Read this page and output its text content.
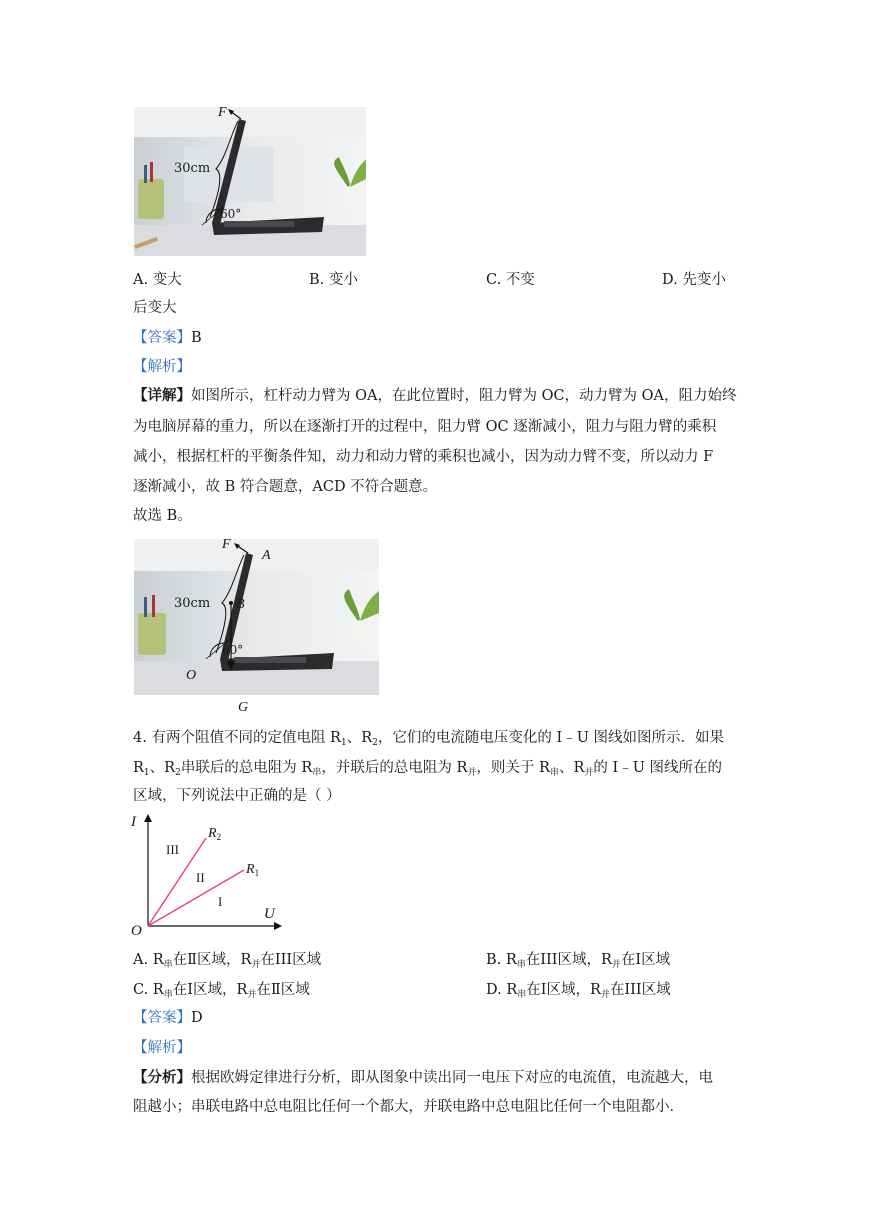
F
30cm
60°
A. 变大	B. 变小	C. 不变	D. 先变小
后变大
【答案】B
【解析】
【详解】如图所示，杠杆动力臂为 OA，在此位置时，阻力臂为 OC，动力臂为 OA，阻力始终
为电脑屏幕的重力，所以在逐渐打开的过程中，阻力臂 OC 逐渐减小，阻力与阻力臂的乘积
减小，根据杠杆的平衡条件知，动力和动力臂的乘积也减小，因为动力臂不变，所以动力 F
逐渐减小，故 B 符合题意，ACD 不符合题意。
故选 B。
F
A
B
30cm
60°
O
G
4. 有两个阻值不同的定值电阻 $R_1$、$R_2$，它们的电流随电压变化的 I﹣U 图线如图所示．如果
$R_1$、$R_2$串联后的总电阻为 $R_串$，并联后的总电阻为 $R_并$，则关于 $R_串$、$R_并$的 I﹣U 图线所在的
区域，下列说法中正确的是（ ）
I
U
O
$R_2$
$R_1$
III
II
I
A. $R_串$在Ⅱ区域，$R_并$在III区域	B. $R_串$在III区域，$R_并$在Ⅰ区域
C. $R_串$在Ⅰ区域，$R_并$在Ⅱ区域	D. $R_串$在Ⅰ区域，$R_并$在III区域
【答案】D
【解析】
【分析】根据欧姆定律进行分析，即从图象中读出同一电压下对应的电流值，电流越大，电
阻越小；串联电路中总电阻比任何一个都大，并联电路中总电阻比任何一个电阻都小．
